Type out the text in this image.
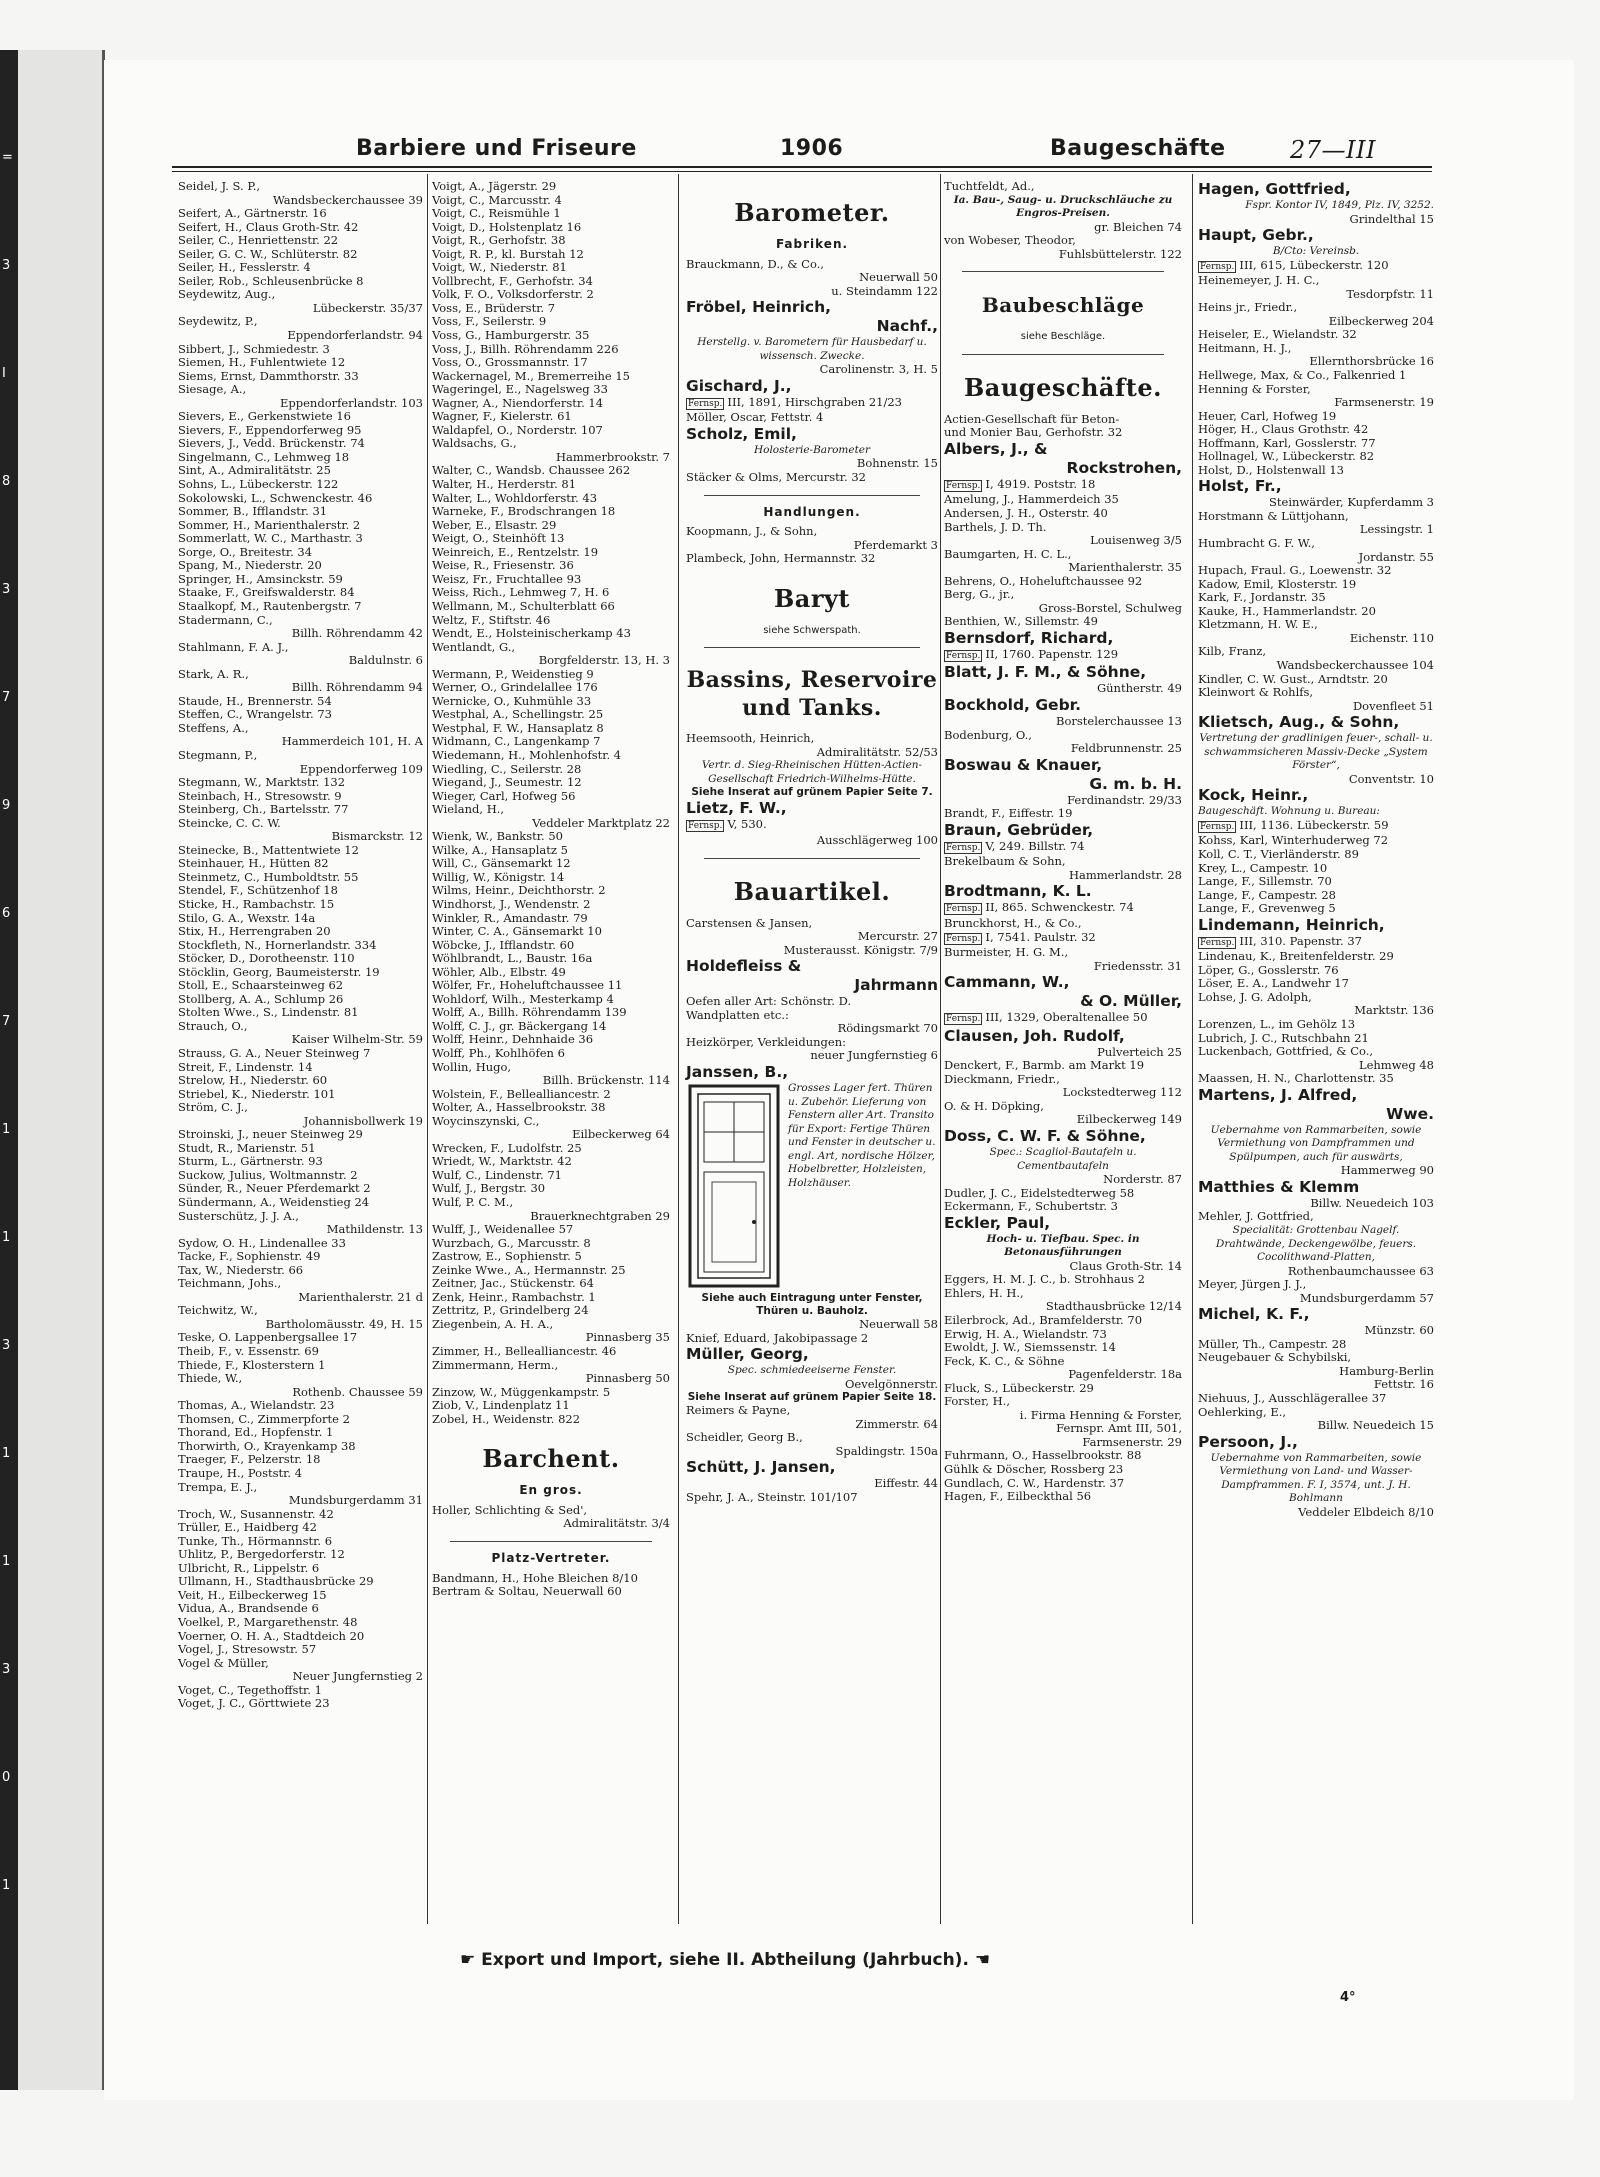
=
3
I
8
3
7
9
6
7
1
1
3
1
1
3
0
1
Barbiere und Friseure	1906	Baugeschäfte	27—III
Seidel, J. S. P.,
Wandsbeckerchaussee 39
Seifert, A., Gärtnerstr. 16
Seifert, H., Claus Groth-Str. 42
Seiler, C., Henriettenstr. 22
Seiler, G. C. W., Schlüterstr. 82
Seiler, H., Fesslerstr. 4
Seiler, Rob., Schleusenbrücke 8
Seydewitz, Aug.,
Lübeckerstr. 35/37
Seydewitz, P.,
Eppendorferlandstr. 94
Sibbert, J., Schmiedestr. 3
Siemen, H., Fuhlentwiete 12
Siems, Ernst, Dammthorstr. 33
Siesage, A.,
Eppendorferlandstr. 103
Sievers, E., Gerkenstwiete 16
Sievers, F., Eppendorferweg 95
Sievers, J., Vedd. Brückenstr. 74
Singelmann, C., Lehmweg 18
Sint, A., Admiralitätstr. 25
Sohns, L., Lübeckerstr. 122
Sokolowski, L., Schwenckestr. 46
Sommer, B., Ifflandstr. 31
Sommer, H., Marienthalerstr. 2
Sommerlatt, W. C., Marthastr. 3
Sorge, O., Breitestr. 34
Spang, M., Niederstr. 20
Springer, H., Amsinckstr. 59
Staake, F., Greifswalderstr. 84
Staalkopf, M., Rautenbergstr. 7
Stadermann, C.,
Billh. Röhrendamm 42
Stahlmann, F. A. J.,
Baldulnstr. 6
Stark, A. R.,
Billh. Röhrendamm 94
Staude, H., Brennerstr. 54
Steffen, C., Wrangelstr. 73
Steffens, A.,
Hammerdeich 101, H. A
Stegmann, P.,
Eppendorferweg 109
Stegmann, W., Marktstr. 132
Steinbach, H., Stresowstr. 9
Steinberg, Ch., Bartelsstr. 77
Steincke, C. C. W.
Bismarckstr. 12
Steinecke, B., Mattentwiete 12
Steinhauer, H., Hütten 82
Steinmetz, C., Humboldtstr. 55
Stendel, F., Schützenhof 18
Sticke, H., Rambachstr. 15
Stilo, G. A., Wexstr. 14a
Stix, H., Herrengraben 20
Stockfleth, N., Hornerlandstr. 334
Stöcker, D., Dorotheenstr. 110
Stöcklin, Georg, Baumeisterstr. 19
Stoll, E., Schaarsteinweg 62
Stollberg, A. A., Schlump 26
Stolten Wwe., S., Lindenstr. 81
Strauch, O.,
Kaiser Wilhelm-Str. 59
Strauss, G. A., Neuer Steinweg 7
Streit, F., Lindenstr. 14
Strelow, H., Niederstr. 60
Striebel, K., Niederstr. 101
Ström, C. J.,
Johannisbollwerk 19
Stroinski, J., neuer Steinweg 29
Studt, R., Marienstr. 51
Sturm, L., Gärtnerstr. 93
Suckow, Julius, Woltmannstr. 2
Sünder, R., Neuer Pferdemarkt 2
Sündermann, A., Weidenstieg 24
Susterschütz, J. J. A.,
Mathildenstr. 13
Sydow, O. H., Lindenallee 33
Tacke, F., Sophienstr. 49
Tax, W., Niederstr. 66
Teichmann, Johs.,
Marienthalerstr. 21 d
Teichwitz, W.,
Bartholomäusstr. 49, H. 15
Teske, O. Lappenbergsallee 17
Theib, F., v. Essenstr. 69
Thiede, F., Klosterstern 1
Thiede, W.,
Rothenb. Chaussee 59
Thomas, A., Wielandstr. 23
Thomsen, C., Zimmerpforte 2
Thorand, Ed., Hopfenstr. 1
Thorwirth, O., Krayenkamp 38
Traeger, F., Pelzerstr. 18
Traupe, H., Poststr. 4
Trempa, E. J.,
Mundsburgerdamm 31
Troch, W., Susannenstr. 42
Trüller, E., Haidberg 42
Tunke, Th., Hörmannstr. 6
Uhlitz, P., Bergedorferstr. 12
Ulbricht, R., Lippelstr. 6
Ullmann, H., Stadthausbrücke 29
Veit, H., Eilbeckerweg 15
Vidua, A., Brandsende 6
Voelkel, P., Margarethenstr. 48
Voerner, O. H. A., Stadtdeich 20
Vogel, J., Stresowstr. 57
Vogel & Müller,
Neuer Jungfernstieg 2
Voget, C., Tegethoffstr. 1
Voget, J. C., Görttwiete 23
Voigt, A., Jägerstr. 29
Voigt, C., Marcusstr. 4
Voigt, C., Reismühle 1
Voigt, D., Holstenplatz 16
Voigt, R., Gerhofstr. 38
Voigt, R. P., kl. Burstah 12
Voigt, W., Niederstr. 81
Vollbrecht, F., Gerhofstr. 34
Volk, F. O., Volksdorferstr. 2
Voss, E., Brüderstr. 7
Voss, F., Seilerstr. 9
Voss, G., Hamburgerstr. 35
Voss, J., Billh. Röhrendamm 226
Voss, O., Grossmannstr. 17
Wackernagel, M., Bremerreihe 15
Wageringel, E., Nagelsweg 33
Wagner, A., Niendorferstr. 14
Wagner, F., Kielerstr. 61
Waldapfel, O., Norderstr. 107
Waldsachs, G.,
Hammerbrookstr. 7
Walter, C., Wandsb. Chaussee 262
Walter, H., Herderstr. 81
Walter, L., Wohldorferstr. 43
Warneke, F., Brodschrangen 18
Weber, E., Elsastr. 29
Weigt, O., Steinhöft 13
Weinreich, E., Rentzelstr. 19
Weise, R., Friesenstr. 36
Weisz, Fr., Fruchtallee 93
Weiss, Rich., Lehmweg 7, H. 6
Wellmann, M., Schulterblatt 66
Weltz, F., Stiftstr. 46
Wendt, E., Holsteinischerkamp 43
Wentlandt, G.,
Borgfelderstr. 13, H. 3
Wermann, P., Weidenstieg 9
Werner, O., Grindelallee 176
Wernicke, O., Kuhmühle 33
Westphal, A., Schellingstr. 25
Westphal, F. W., Hansaplatz 8
Widmann, C., Langenkamp 7
Wiedemann, H., Mohlenhofstr. 4
Wiedling, C., Seilerstr. 28
Wiegand, J., Seumestr. 12
Wieger, Carl, Hofweg 56
Wieland, H.,
Veddeler Marktplatz 22
Wienk, W., Bankstr. 50
Wilke, A., Hansaplatz 5
Will, C., Gänsemarkt 12
Willig, W., Königstr. 14
Wilms, Heinr., Deichthorstr. 2
Windhorst, J., Wendenstr. 2
Winkler, R., Amandastr. 79
Winter, C. A., Gänsemarkt 10
Wöbcke, J., Ifflandstr. 60
Wöhlbrandt, L., Baustr. 16a
Wöhler, Alb., Elbstr. 49
Wölfer, Fr., Hoheluftchaussee 11
Wohldorf, Wilh., Mesterkamp 4
Wolff, A., Billh. Röhrendamm 139
Wolff, C. J., gr. Bäckergang 14
Wolff, Heinr., Dehnhaide 36
Wolff, Ph., Kohlhöfen 6
Wollin, Hugo,
Billh. Brückenstr. 114
Wolstein, F., Bellealliancestr. 2
Wolter, A., Hasselbrookstr. 38
Woycinszynski, C.,
Eilbeckerweg 64
Wrecken, F., Ludolfstr. 25
Wriedt, W., Marktstr. 42
Wulf, C., Lindenstr. 71
Wulf, J., Bergstr. 30
Wulf, P. C. M.,
Brauerknechtgraben 29
Wulff, J., Weidenallee 57
Wurzbach, G., Marcusstr. 8
Zastrow, E., Sophienstr. 5
Zeinke Wwe., A., Hermannstr. 25
Zeitner, Jac., Stückenstr. 64
Zenk, Heinr., Rambachstr. 1
Zettritz, P., Grindelberg 24
Ziegenbein, A. H. A.,
Pinnasberg 35
Zimmer, H., Bellealliancestr. 46
Zimmermann, Herm.,
Pinnasberg 50
Zinzow, W., Müggenkampstr. 5
Ziob, V., Lindenplatz 11
Zobel, H., Weidenstr. 822
Barchent.
En gros.
Holler, Schlichting & Sed',
Admiralitätstr. 3/4
Platz-Vertreter.
Bandmann, H., Hohe Bleichen 8/10
Bertram & Soltau, Neuerwall 60
Barometer.
Fabriken.
Brauckmann, D., & Co.,
Neuerwall 50
u. Steindamm 122
Fröbel, Heinrich,
Nachf.,
Herstellg. v. Barometern für Hausbedarf u. wissensch. Zwecke.
Carolinenstr. 3, H. 5
Gischard, J.,
Fernsp. III, 1891, Hirschgraben 21/23
Möller, Oscar, Fettstr. 4
Scholz, Emil,
Holosterie-Barometer
Bohnenstr. 15
Stäcker & Olms, Mercurstr. 32
Handlungen.
Koopmann, J., & Sohn,
Pferdemarkt 3
Plambeck, John, Hermannstr. 32
Baryt
siehe Schwerspath.
Bassins, Reservoire und Tanks.
Heemsooth, Heinrich,
Admiralitätstr. 52/53
Vertr. d. Sieg-Rheinischen Hütten-Actien-Gesellschaft Friedrich-Wilhelms-Hütte.
Siehe Inserat auf grünem Papier Seite 7.
Lietz, F. W.,
Fernsp. V, 530.
Ausschlägerweg 100
Bauartikel.
Carstensen & Jansen,
Mercurstr. 27
Musterausst. Königstr. 7/9
Holdefleiss &
Jahrmann
Oefen aller Art: Schönstr. D.
Wandplatten etc.:
Rödingsmarkt 70
Heizkörper, Verkleidungen:
neuer Jungfernstieg 6
Janssen, B.,
Grosses Lager fert. Thüren u. Zubehör. Lieferung von Fenstern aller Art. Transito für Export: Fertige Thüren und Fenster in deutscher u. engl. Art, nordische Hölzer, Hobelbretter, Holzleisten, Holzhäuser.
Siehe auch Eintragung unter Fenster, Thüren u. Bauholz.
Neuerwall 58
Knief, Eduard, Jakobipassage 2
Müller, Georg,
Spec. schmiedeeiserne Fenster.
Oevelgönnerstr.
Siehe Inserat auf grünem Papier Seite 18.
Reimers & Payne,
Zimmerstr. 64
Scheidler, Georg B.,
Spaldingstr. 150a
Schütt, J. Jansen,
Eiffestr. 44
Spehr, J. A., Steinstr. 101/107
Tuchtfeldt, Ad.,
Ia. Bau-, Saug- u. Druckschläuche zu Engros-Preisen.
gr. Bleichen 74
von Wobeser, Theodor,
Fuhlsbüttelerstr. 122
Baubeschläge
siehe Beschläge.
Baugeschäfte.
Actien-Gesellschaft für Beton-
und Monier Bau, Gerhofstr. 32
Albers, J., &
Rockstrohen,
Fernsp. I, 4919. Poststr. 18
Amelung, J., Hammerdeich 35
Andersen, J. H., Osterstr. 40
Barthels, J. D. Th.
Louisenweg 3/5
Baumgarten, H. C. L.,
Marienthalerstr. 35
Behrens, O., Hoheluftchaussee 92
Berg, G., jr.,
Gross-Borstel, Schulweg
Benthien, W., Sillemstr. 49
Bernsdorf, Richard,
Fernsp. II, 1760. Papenstr. 129
Blatt, J. F. M., & Söhne,
Güntherstr. 49
Bockhold, Gebr.
Borstelerchaussee 13
Bodenburg, O.,
Feldbrunnenstr. 25
Boswau & Knauer,
G. m. b. H.
Ferdinandstr. 29/33
Brandt, F., Eiffestr. 19
Braun, Gebrüder,
Fernsp. V, 249. Billstr. 74
Brekelbaum & Sohn,
Hammerlandstr. 28
Brodtmann, K. L.
Fernsp. II, 865. Schwenckestr. 74
Brunckhorst, H., & Co.,
Fernsp. I, 7541. Paulstr. 32
Burmeister, H. G. M.,
Friedensstr. 31
Cammann, W.,
& O. Müller,
Fernsp. III, 1329, Oberaltenallee 50
Clausen, Joh. Rudolf,
Pulverteich 25
Denckert, F., Barmb. am Markt 19
Dieckmann, Friedr.,
Lockstedterweg 112
O. & H. Döpking,
Eilbeckerweg 149
Doss, C. W. F. & Söhne,
Spec.: Scagliol-Bautafeln u. Cementbautafeln
Norderstr. 87
Dudler, J. C., Eidelstedterweg 58
Eckermann, F., Schubertstr. 3
Eckler, Paul,
Hoch- u. Tiefbau. Spec. in Betonausführungen
Claus Groth-Str. 14
Eggers, H. M. J. C., b. Strohhaus 2
Ehlers, H. H.,
Stadthausbrücke 12/14
Eilerbrock, Ad., Bramfelderstr. 70
Erwig, H. A., Wielandstr. 73
Ewoldt, J. W., Siemssenstr. 14
Feck, K. C., & Söhne
Pagenfelderstr. 18a
Fluck, S., Lübeckerstr. 29
Forster, H.,
i. Firma Henning & Forster,
Fernspr. Amt III, 501,
Farmsenerstr. 29
Fuhrmann, O., Hasselbrookstr. 88
Gühlk & Döscher, Rossberg 23
Gundlach, C. W., Hardenstr. 37
Hagen, F., Eilbeckthal 56
Hagen, Gottfried,
Fspr. Kontor IV, 1849, Plz. IV, 3252.
Grindelthal 15
Haupt, Gebr.,
B/Cto: Vereinsb.
Fernsp. III, 615, Lübeckerstr. 120
Heinemeyer, J. H. C.,
Tesdorpfstr. 11
Heins jr., Friedr.,
Eilbeckerweg 204
Heiseler, E., Wielandstr. 32
Heitmann, H. J.,
Ellernthorsbrücke 16
Hellwege, Max, & Co., Falkenried 1
Henning & Forster,
Farmsenerstr. 19
Heuer, Carl, Hofweg 19
Höger, H., Claus Grothstr. 42
Hoffmann, Karl, Gosslerstr. 77
Hollnagel, W., Lübeckerstr. 82
Holst, D., Holstenwall 13
Holst, Fr.,
Steinwärder, Kupferdamm 3
Horstmann & Lüttjohann,
Lessingstr. 1
Humbracht G. F. W.,
Jordanstr. 55
Hupach, Fraul. G., Loewenstr. 32
Kadow, Emil, Klosterstr. 19
Kark, F., Jordanstr. 35
Kauke, H., Hammerlandstr. 20
Kletzmann, H. W. E.,
Eichenstr. 110
Kilb, Franz,
Wandsbeckerchaussee 104
Kindler, C. W. Gust., Arndtstr. 20
Kleinwort & Rohlfs,
Dovenfleet 51
Klietsch, Aug., & Sohn,
Vertretung der gradlinigen feuer-, schall- u. schwammsicheren Massiv-Decke „System Förster“,
Conventstr. 10
Kock, Heinr.,
Baugeschäft. Wohnung u. Bureau:
Fernsp. III, 1136. Lübeckerstr. 59
Kohss, Karl, Winterhuderweg 72
Koll, C. T., Vierländerstr. 89
Krey, L., Campestr. 10
Lange, F., Sillemstr. 70
Lange, F., Campestr. 28
Lange, F., Grevenweg 5
Lindemann, Heinrich,
Fernsp. III, 310. Papenstr. 37
Lindenau, K., Breitenfelderstr. 29
Löper, G., Gosslerstr. 76
Löser, E. A., Landwehr 17
Lohse, J. G. Adolph,
Marktstr. 136
Lorenzen, L., im Gehölz 13
Lubrich, J. C., Rutschbahn 21
Luckenbach, Gottfried, & Co.,
Lehmweg 48
Maassen, H. N., Charlottenstr. 35
Martens, J. Alfred,
Wwe.
Uebernahme von Rammarbeiten, sowie Vermiethung von Dampframmen und Spülpumpen, auch für auswärts,
Hammerweg 90
Matthies & Klemm
Billw. Neuedeich 103
Mehler, J. Gottfried,
Specialität: Grottenbau Nagelf. Drahtwände, Deckengewölbe, feuers. Cocolithwand-Platten,
Rothenbaumchaussee 63
Meyer, Jürgen J. J.,
Mundsburgerdamm 57
Michel, K. F.,
Münzstr. 60
Müller, Th., Campestr. 28
Neugebauer & Schybilski,
Hamburg-Berlin
Fettstr. 16
Niehuus, J., Ausschlägerallee 37
Oehlerking, E.,
Billw. Neuedeich 15
Persoon, J.,
Uebernahme von Rammarbeiten, sowie Vermiethung von Land- und Wasser-Dampframmen. F. I, 3574, unt. J. H. Bohlmann
Veddeler Elbdeich 8/10
☛ Export und Import, siehe II. Abtheilung (Jahrbuch). ☚
4°
